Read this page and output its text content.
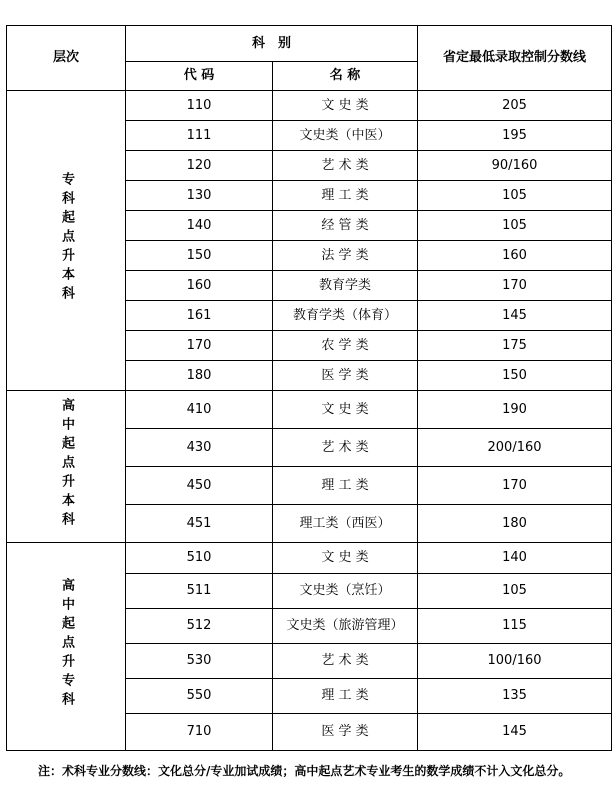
层次	科　别		省定最低录取控制分数线
	代 码	名 称	
专科起点升本科	110	文 史 类	205
	111	文史类（中医）	195
	120	艺 术 类	90/160
	130	理 工 类	105
	140	经 管 类	105
	150	法 学 类	160
	160	教育学类	170
	161	教育学类（体育）	145
	170	农 学 类	175
	180	医 学 类	150
高中起点升本科	410	文 史 类	190
	430	艺 术 类	200/160
	450	理 工 类	170
	451	理工类（西医）	180
高中起点升专科	510	文 史 类	140
	511	文史类（烹饪）	105
	512	文史类（旅游管理）	115
	530	艺 术 类	100/160
	550	理 工 类	135
	710	医 学 类	145
注：术科专业分数线：文化总分/专业加试成绩；高中起点艺术专业考生的数学成绩不计入文化总分。
